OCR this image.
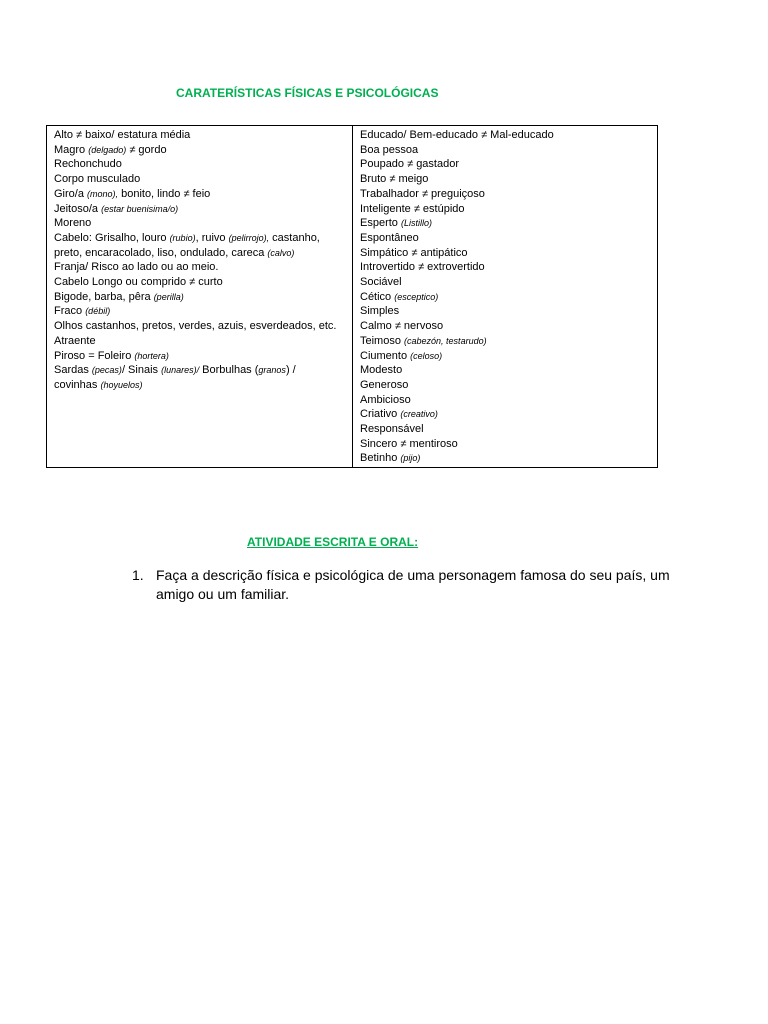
CARATERÍSTICAS FÍSICAS E PSICOLÓGICAS
Alto ≠ baixo/ estatura média
Magro (delgado) ≠ gordo
Rechonchudo
Corpo musculado
Giro/a (mono), bonito, lindo ≠ feio
Jeitoso/a (estar buenisima/o)
Moreno
Cabelo: Grisalho, louro (rubio), ruivo (pelirrojo), castanho, preto, encaracolado, liso, ondulado, careca (calvo)
Franja/ Risco ao lado ou ao meio.
Cabelo Longo ou comprido ≠ curto
Bigode, barba, pêra (perilla)
Fraco (débil)
Olhos castanhos, pretos, verdes, azuis, esverdeados, etc.
Atraente
Piroso = Foleiro (hortera)
Sardas (pecas)/ Sinais (lunares)/ Borbulhas (granos) / covinhas (hoyuelos)
Educado/ Bem-educado ≠ Mal-educado
Boa pessoa
Poupado ≠ gastador
Bruto ≠ meigo
Trabalhador ≠ preguiçoso
Inteligente ≠ estúpido
Esperto (Listillo)
Espontâneo
Simpático ≠ antipático
Introvertido ≠ extrovertido
Sociável
Cético (esceptico)
Simples
Calmo ≠ nervoso
Teimoso (cabezón, testarudo)
Ciumento (celoso)
Modesto
Generoso
Ambicioso
Criativo (creativo)
Responsável
Sincero ≠ mentiroso
Betinho (pijo)
ATIVIDADE ESCRITA E ORAL:
1. Faça a descrição física e psicológica de uma personagem famosa do seu país, um amigo ou um familiar.
